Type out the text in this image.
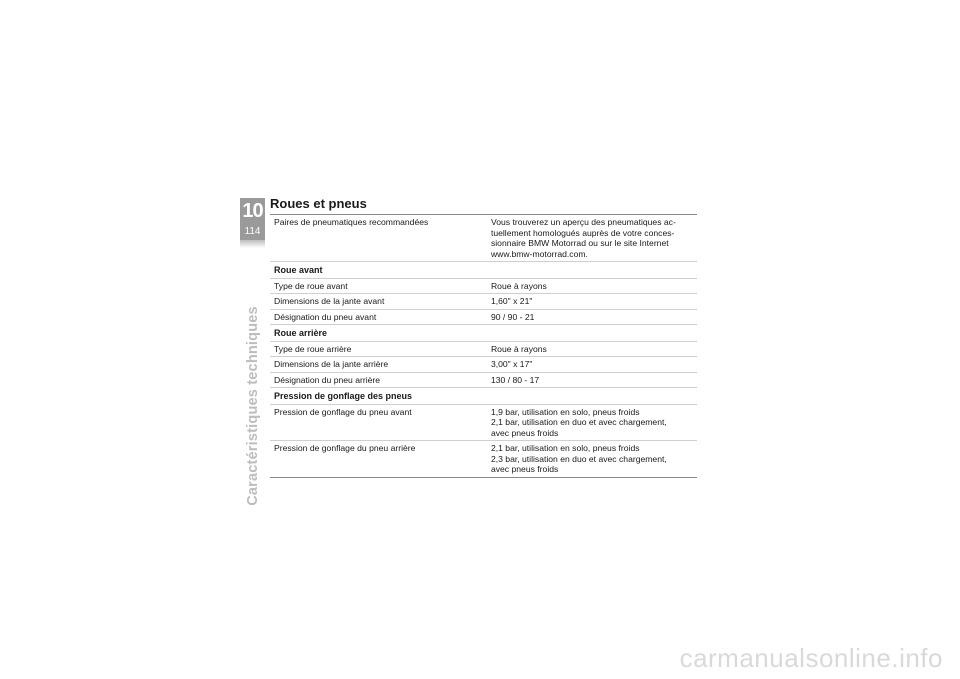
10
114
Caractéristiques techniques
Roues et pneus
Paires de pneumatiques recommandées	Vous trouverez un aperçu des pneumatiques ac-
tuellement homologués auprès de votre conces-
sionnaire BMW Motorrad ou sur le site Internet
www.bmw-motorrad.com.

Roue avant	
Type de roue avant	Roue à rayons
Dimensions de la jante avant	1,60" x 21"
Désignation du pneu avant	90 / 90 - 21
Roue arrière	
Type de roue arrière	Roue à rayons
Dimensions de la jante arrière	3,00" x 17"
Désignation du pneu arrière	130 / 80 - 17
Pression de gonflage des pneus	
Pression de gonflage du pneu avant	1,9 bar, utilisation en solo, pneus froids
2,1 bar, utilisation en duo et avec chargement,
avec pneus froids

Pression de gonflage du pneu arrière	2,1 bar, utilisation en solo, pneus froids
2,3 bar, utilisation en duo et avec chargement,
avec pneus froids
carmanualsonline.info
